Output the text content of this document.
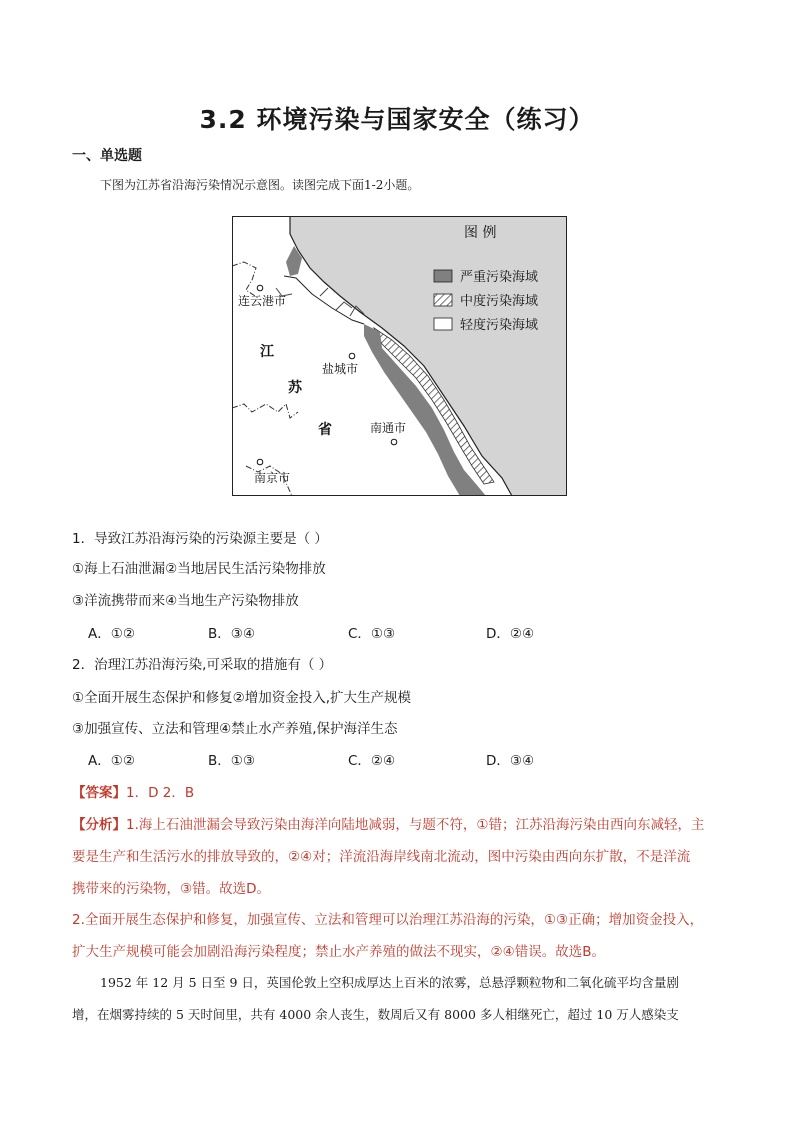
3.2 环境污染与国家安全（练习）
一、单选题
下图为江苏省沿海污染情况示意图。读图完成下面1-2小题。
图 例
严重污染海域
中度污染海域
轻度污染海域
江
苏
省
连云港市
盐城市
南京市
南通市
1．导致江苏沿海污染的污染源主要是（ ）
①海上石油泄漏②当地居民生活污染物排放
③洋流携带而来④当地生产污染物排放
A．①②	B．③④	C．①③	D．②④
2．治理江苏沿海污染,可采取的措施有（ ）
①全面开展生态保护和修复②增加资金投入,扩大生产规模
③加强宣传、立法和管理④禁止水产养殖,保护海洋生态
A．①②	B．①③	C．②④	D．③④
【答案】1．D 2．B
【分析】1.海上石油泄漏会导致污染由海洋向陆地减弱，与题不符，①错；江苏沿海污染由西向东减轻，主
要是生产和生活污水的排放导致的，②④对；洋流沿海岸线南北流动，图中污染由西向东扩散，不是洋流
携带来的污染物，③错。故选D。
2.全面开展生态保护和修复，加强宣传、立法和管理可以治理江苏沿海的污染，①③正确；增加资金投入，
扩大生产规模可能会加剧沿海污染程度；禁止水产养殖的做法不现实，②④错误。故选B。
1952 年 12 月 5 日至 9 日，英国伦敦上空积成厚达上百米的浓雾，总悬浮颗粒物和二氧化硫平均含量剧
增，在烟雾持续的 5 天时间里，共有 4000 余人丧生，数周后又有 8000 多人相继死亡，超过 10 万人感染支
